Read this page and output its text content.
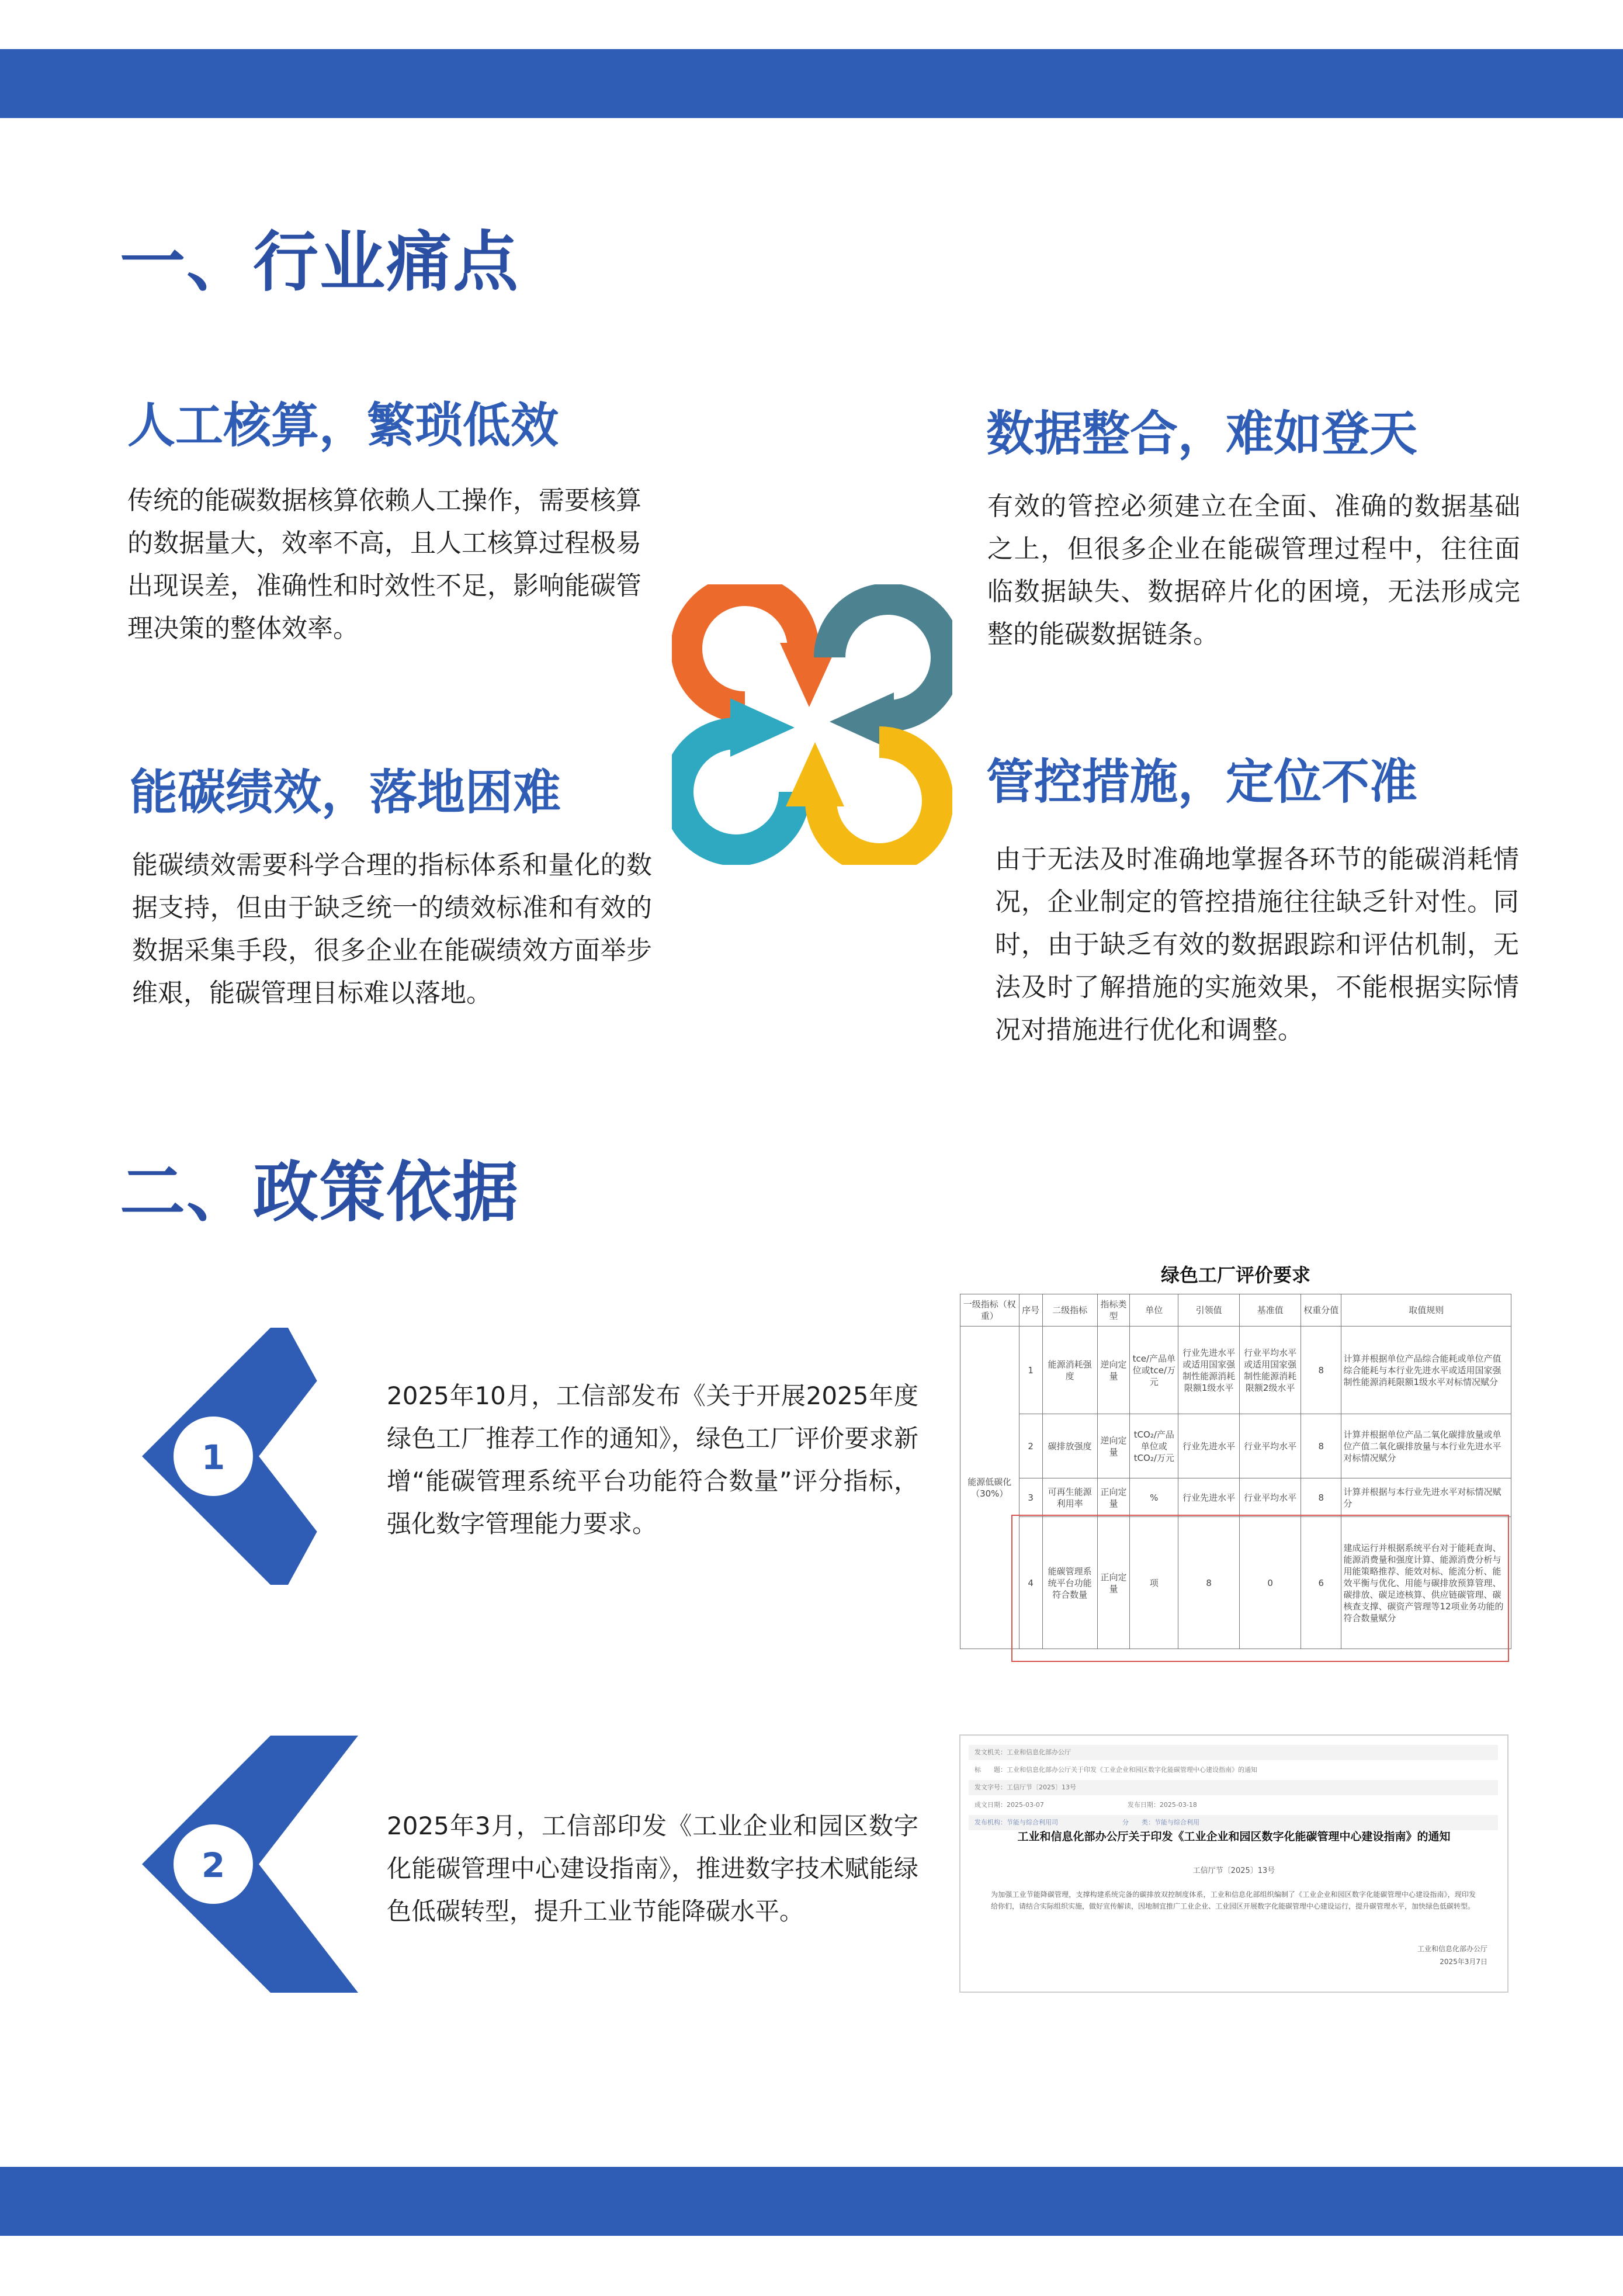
一、行业痛点
人工核算，繁琐低效

传统的能碳数据核算依赖人工操作，需要核算的数据量大，效率不高，且人工核算过程极易出现误差，准确性和时效性不足，影响能碳管理决策的整体效率。

数据整合，难如登天

有效的管控必须建立在全面、准确的数据基础之上，但很多企业在能碳管理过程中，往往面临数据缺失、数据碎片化的困境，无法形成完整的能碳数据链条。

能碳绩效，落地困难

能碳绩效需要科学合理的指标体系和量化的数据支持，但由于缺乏统一的绩效标准和有效的数据采集手段，很多企业在能碳绩效方面举步维艰，能碳管理目标难以落地。

管控措施，定位不准

由于无法及时准确地掌握各环节的能碳消耗情况，企业制定的管控措施往往缺乏针对性。同时，由于缺乏有效的数据跟踪和评估机制，无法及时了解措施的实施效果，不能根据实际情况对措施进行优化和调整。

二、政策依据
1

2025年10月，工信部发布《关于开展2025年度绿色工厂推荐工作的通知》，绿色工厂评价要求新增“能碳管理系统平台功能符合数量”评分指标，强化数字管理能力要求。

2

2025年3月，工信部印发《工业企业和园区数字化能碳管理中心建设指南》，推进数字技术赋能绿色低碳转型，提升工业节能降碳水平。

绿色工厂评价要求

一级指标（权重）	序号	二级指标	指标类型	单位	引领值	基准值	权重分值	取值规则
能源低碳化（30%）	1	能源消耗强度	逆向定量	tce/产品单位或tce/万元	行业先进水平或适用国家强制性能源消耗限额1级水平	行业平均水平或适用国家强制性能源消耗限额2级水平	8	计算并根据单位产品综合能耗或单位产值综合能耗与本行业先进水平或适用国家强制性能源消耗限额1级水平对标情况赋分
	2	碳排放强度	逆向定量	tCO₂/产品单位或tCO₂/万元	行业先进水平	行业平均水平	8	计算并根据单位产品二氧化碳排放量或单位产值二氧化碳排放量与本行业先进水平对标情况赋分
	3	可再生能源利用率	正向定量	%	行业先进水平	行业平均水平	8	计算并根据与本行业先进水平对标情况赋分
	4	能碳管理系统平台功能符合数量	正向定量	项	8	0	6	建成运行并根据系统平台对于能耗查询、能源消费量和强度计算、能源消费分析与用能策略推荐、能效对标、能流分析、能效平衡与优化、用能与碳排放预算管理、碳排放、碳足迹核算、供应链碳管理、碳核查支撑、碳资产管理等12项业务功能的符合数量赋分
发文机关：工业和信息化部办公厅
标　　题：工业和信息化部办公厅关于印发《工业企业和园区数字化能碳管理中心建设指南》的通知
发文字号：工信厅节〔2025〕13号
成文日期：2025-03-07　　　　　　　　　　　　　发布日期：2025-03-18
发布机构：节能与综合利用司　　　　　　　　　　分　　类：节能与综合利用

工业和信息化部办公厅关于印发《工业企业和园区数字化能碳管理中心建设指南》的通知

工信厅节〔2025〕13号

为加强工业节能降碳管理，支撑构建系统完备的碳排放双控制度体系，工业和信息化部组织编制了《工业企业和园区数字化能碳管理中心建设指南》，现印发给你们，请结合实际组织实施，做好宣传解读，因地制宜推广工业企业、工业园区开展数字化能碳管理中心建设运行，提升碳管理水平，加快绿色低碳转型。

工业和信息化部办公厅

2025年3月7日
